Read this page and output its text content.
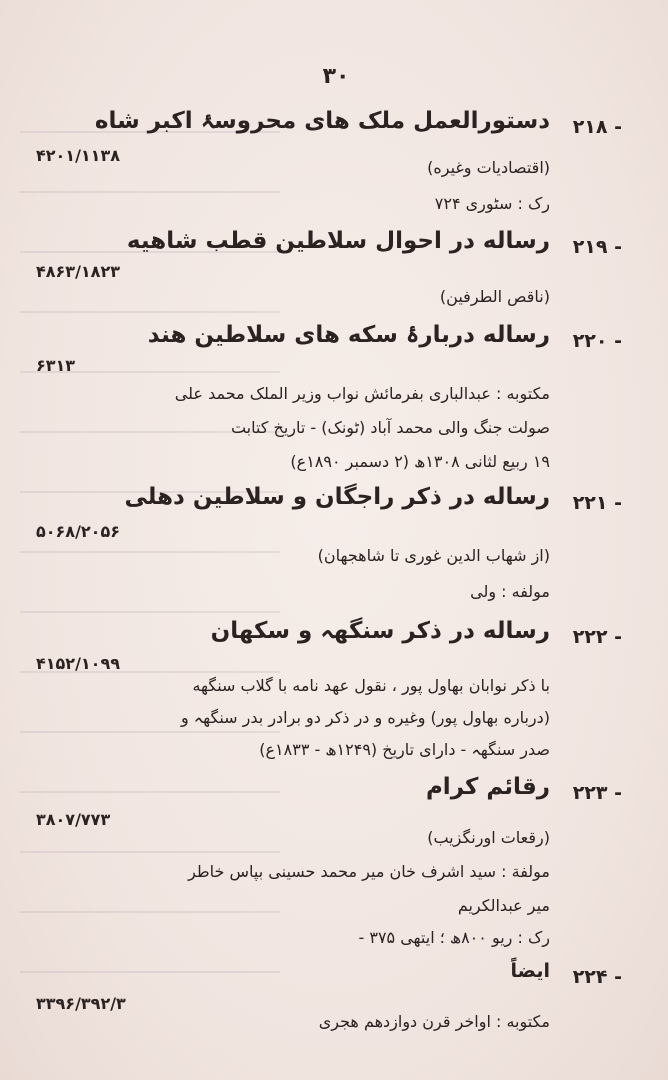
۳۰
۲۱۸ -
دستورالعمل ملک های محروسۂ اکبر شاه
۴۲۰۱/۱۱۳۸
(اقتصادیات وغیره)
رک : سٹوری ۷۲۴
۲۱۹ -
رساله در احوال سلاطین قطب شاهیه
۴۸۶۳/۱۸۲۳
(ناقص الطرفین)
۲۲۰ -
رساله دربارۂ سکه های سلاطین هند
۶۳۱۳
مکتوبه : عبدالباری بفرمائش نواب وزیر الملک محمد علی
صولت جنگ والی محمد آباد (ٹونک) - تاریخ کتابت
۱۹ ربیع لثانی ۱۳۰۸ھ (۲ دسمبر ۱۸۹۰ع)
۲۲۱ -
رساله در ذکر راجگان و سلاطین دهلی
۵۰۶۸/۲۰۵۶
(از شهاب الدین غوری تا شاهجهان)
مولفه : ولی
۲۲۲ -
رساله در ذکر سنگهہ و سکهان
۴۱۵۲/۱۰۹۹
با ذکر نوابان بهاول پور ، نقول عهد نامه با گلاب سنگهه
(درباره بهاول پور) وغیره و در ذکر دو برادر بدر سنگهہ و
صدر سنگهہ - دارای تاریخ (۱۲۴۹ھ - ۱۸۳۳ع)
۲۲۳ -
رقائم کرام
۳۸۰۷/۷۷۳
(رقعات اورنگزیب)
مولفة : سید اشرف خان میر محمد حسینی بپاس خاطر
میر عبدالکریم
رک : ریو ۸۰۰ھ ؛ ایتهی ۳۷۵ -
۲۲۴ -
ایضاً
۳۳۹۶/۳۹۲/۳
مکتوبه : اواخر قرن دوازدهم هجری
